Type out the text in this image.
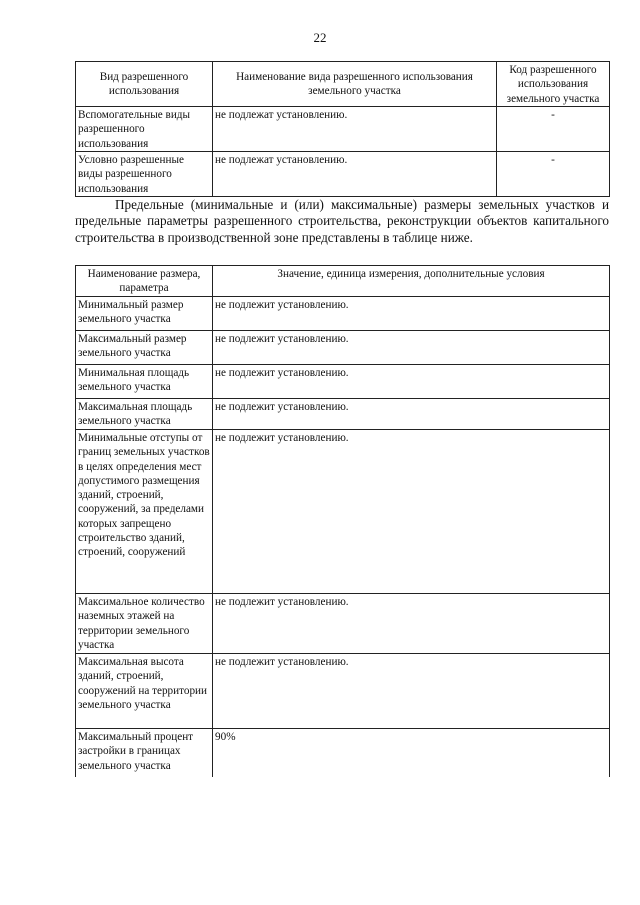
22
Вид разрешенного использования	Наименование вида разрешенного использования земельного участка	Код разрешенного использования земельного участка
Вспомогательные виды разрешенного использования	не подлежат установлению.	-
Условно разрешенные виды разрешенного использования	не подлежат установлению.	-
Предельные (минимальные и (или) максимальные) размеры земельных участков и предельные параметры разрешенного строительства, реконструкции объектов капитального строительства в производственной зоне представлены в таблице ниже.
Наименование размера, параметра	Значение, единица измерения, дополнительные условия
Минимальный размер земельного участка	не подлежит установлению.
Максимальный размер земельного участка	не подлежит установлению.
Минимальная площадь земельного участка	не подлежит установлению.
Максимальная площадь земельного участка	не подлежит установлению.
Минимальные отступы от границ земельных участков в целях определения мест допустимого размещения зданий, строений, сооружений, за пределами которых запрещено строительство зданий, строений, сооружений	не подлежит установлению.
Максимальное количество наземных этажей на территории земельного участка	не подлежит установлению.
Максимальная высота зданий, строений, сооружений на территории земельного участка	не подлежит установлению.
Максимальный процент застройки в границах земельного участка	90%
